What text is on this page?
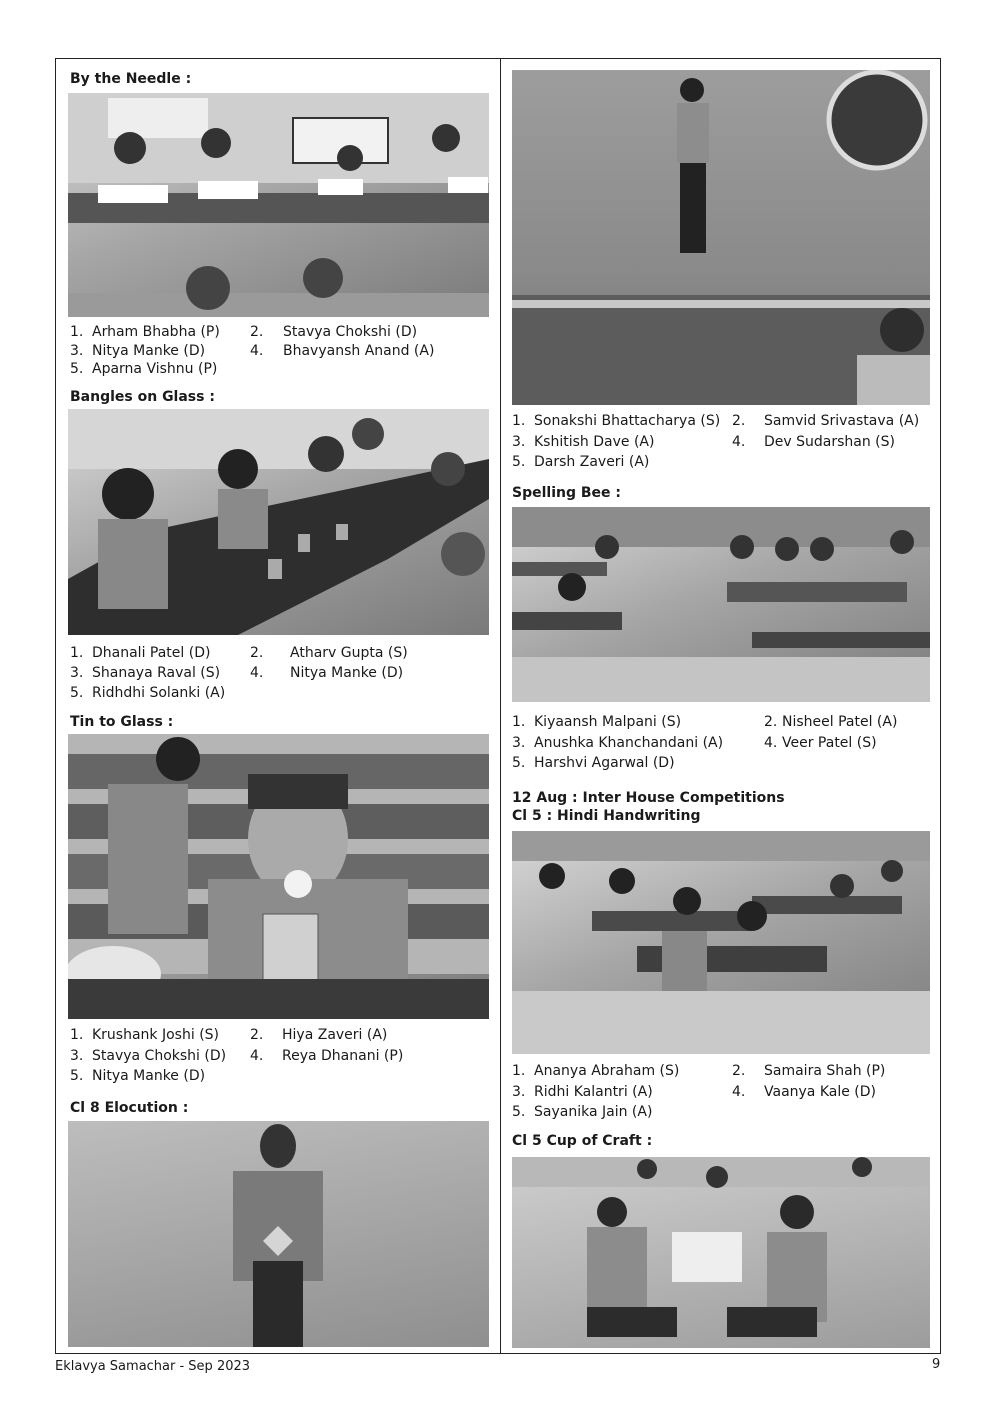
By the Needle :
1. Arham Bhabha (P) 2. Stavya Chokshi (D)
3. Nitya Manke (D)	4. Bhavyansh Anand (A)
5. Aparna Vishnu (P)
Bangles on Glass :
1. Dhanali Patel (D)	2. Atharv Gupta (S)
3. Shanaya Raval (S) 4. Nitya Manke (D)
5. Ridhdhi Solanki (A)
Tin to Glass :
1. Krushank Joshi (S) 2. Hiya Zaveri (A)
3. Stavya Chokshi (D) 4. Reya Dhanani (P)
5. Nitya Manke (D)
Cl 8 Elocution :
1. Sonakshi Bhattacharya (S) 2. Samvid Srivastava (A)
3. Kshitish Dave (A)	4. Dev Sudarshan (S)
5. Darsh Zaveri (A)
Spelling Bee :
1. Kiyaansh Malpani (S)	2. Nisheel Patel (A)
3. Anushka Khanchandani (A)	4. Veer Patel (S)
5. Harshvi Agarwal (D)
12 Aug : Inter House Competitions
Cl 5 : Hindi Handwriting
1. Ananya Abraham (S)	2. Samaira Shah (P)
3. Ridhi Kalantri (A)	4. Vaanya Kale (D)
5. Sayanika Jain (A)
Cl 5 Cup of Craft :
Eklavya Samachar - Sep 2023	9
